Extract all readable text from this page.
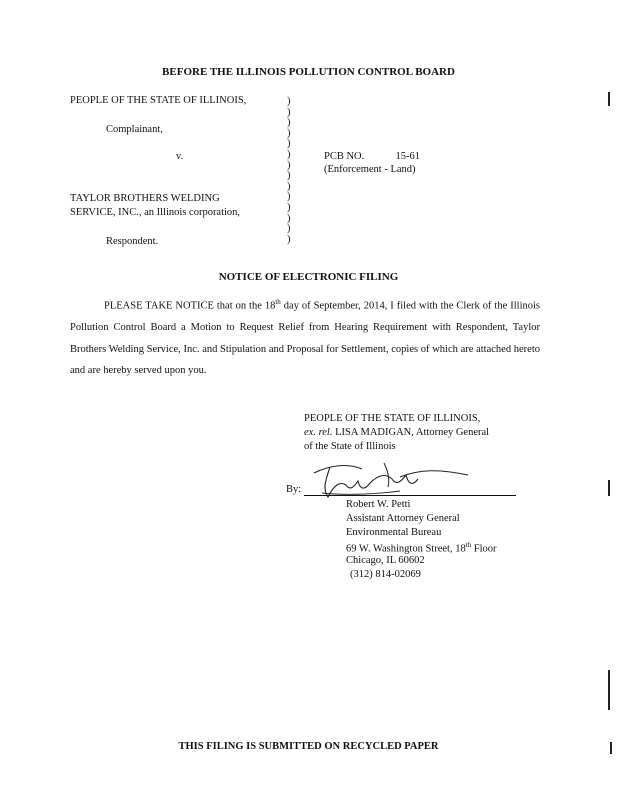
BEFORE THE ILLINOIS POLLUTION CONTROL BOARD
PEOPLE OF THE STATE OF ILLINOIS,
Complainant,
v.
TAYLOR BROTHERS WELDING
SERVICE, INC., an Illinois corporation,
Respondent.
)
)
)
)
)
)
)
)
)
)
)
)
)
)
PCB NO.	15-61
(Enforcement - Land)
NOTICE OF ELECTRONIC FILING

PLEASE TAKE NOTICE that on the 18th day of September, 2014, I filed with the Clerk of the Illinois Pollution Control Board a Motion to Request Relief from Hearing Requirement with Respondent, Taylor Brothers Welding Service, Inc. and Stipulation and Proposal for Settlement, copies of which are attached hereto and are hereby served upon you.

PEOPLE OF THE STATE OF ILLINOIS,
ex. rel. LISA MADIGAN, Attorney General
of the State of Illinois
By:
Robert W. Petti
Assistant Attorney General
Environmental Bureau
69 W. Washington Street, 18th Floor
Chicago, IL 60602
(312) 814-02069
THIS FILING IS SUBMITTED ON RECYCLED PAPER
